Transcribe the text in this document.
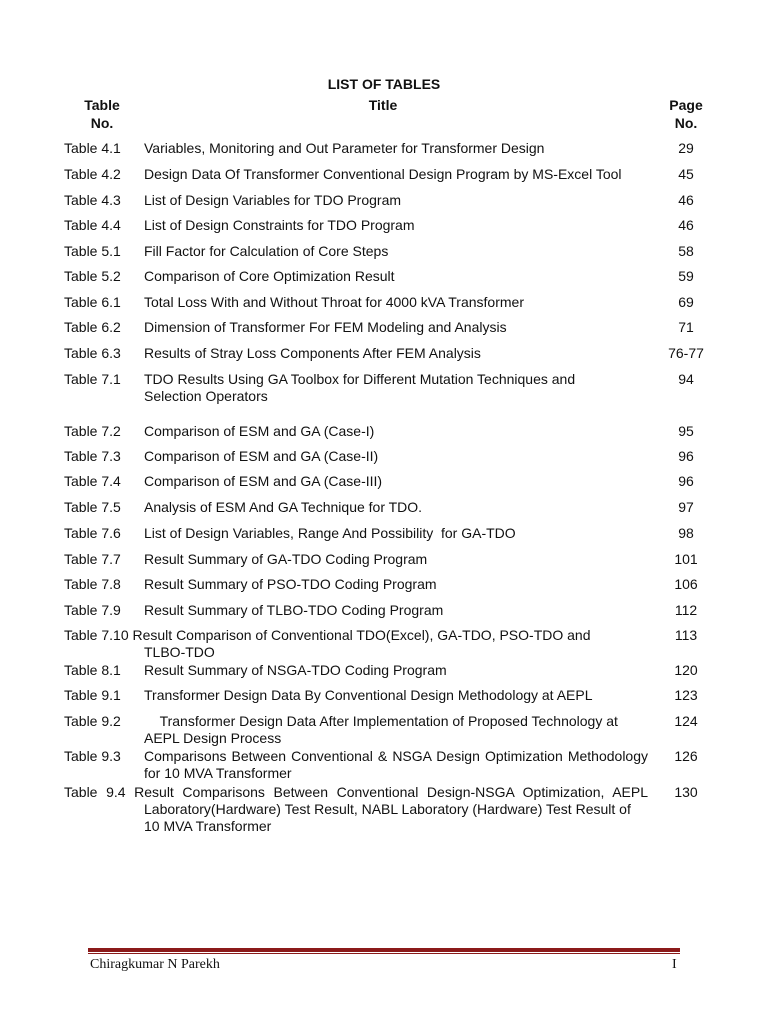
LIST OF TABLES
Table
No.
Title	Page
No.
Table 4.1 Variables, Monitoring and Out Parameter for Transformer Design	29
Table 4.2 Design Data Of Transformer Conventional Design Program by MS-Excel Tool	45
Table 4.3 List of Design Variables for TDO Program	46
Table 4.4 List of Design Constraints for TDO Program	46
Table 5.1 Fill Factor for Calculation of Core Steps	58
Table 5.2 Comparison of Core Optimization Result	59
Table 6.1 Total Loss With and Without Throat for 4000 kVA Transformer	69
Table 6.2 Dimension of Transformer For FEM Modeling and Analysis	71
Table 6.3 Results of Stray Loss Components After FEM Analysis	76-77
Table 7.1 TDO Results Using GA Toolbox for Different Mutation Techniques and Selection Operators
94
Table 7.2 Comparison of ESM and GA (Case-I)	95
Table 7.3 Comparison of ESM and GA (Case-II)	96
Table 7.4 Comparison of ESM and GA (Case-III)	96
Table 7.5 Analysis of ESM And GA Technique for TDO.	97
Table 7.6 List of Design Variables, Range And Possibility  for GA-TDO	98
Table 7.7 Result Summary of GA-TDO Coding Program	101
Table 7.8 Result Summary of PSO-TDO Coding Program	106
Table 7.9 Result Summary of TLBO-TDO Coding Program	112
Table 7.10 Result Comparison of Conventional TDO(Excel), GA-TDO, PSO-TDO and
TLBO-TDO
113
Table 8.1 Result Summary of NSGA-TDO Coding Program	120
Table 9.1 Transformer Design Data By Conventional Design Methodology at AEPL	123
Table 9.2 Transformer Design Data After Implementation of Proposed Technology at AEPL Design Process
124
Table 9.3 Comparisons Between Conventional & NSGA Design Optimization Methodology for 10 MVA Transformer
126
Table 9.4 Result Comparisons Between Conventional Design-NSGA Optimization, AEPL
Laboratory(Hardware) Test Result, NABL Laboratory (Hardware) Test Result of
10 MVA Transformer
130
Chiragkumar N Parekh	I
